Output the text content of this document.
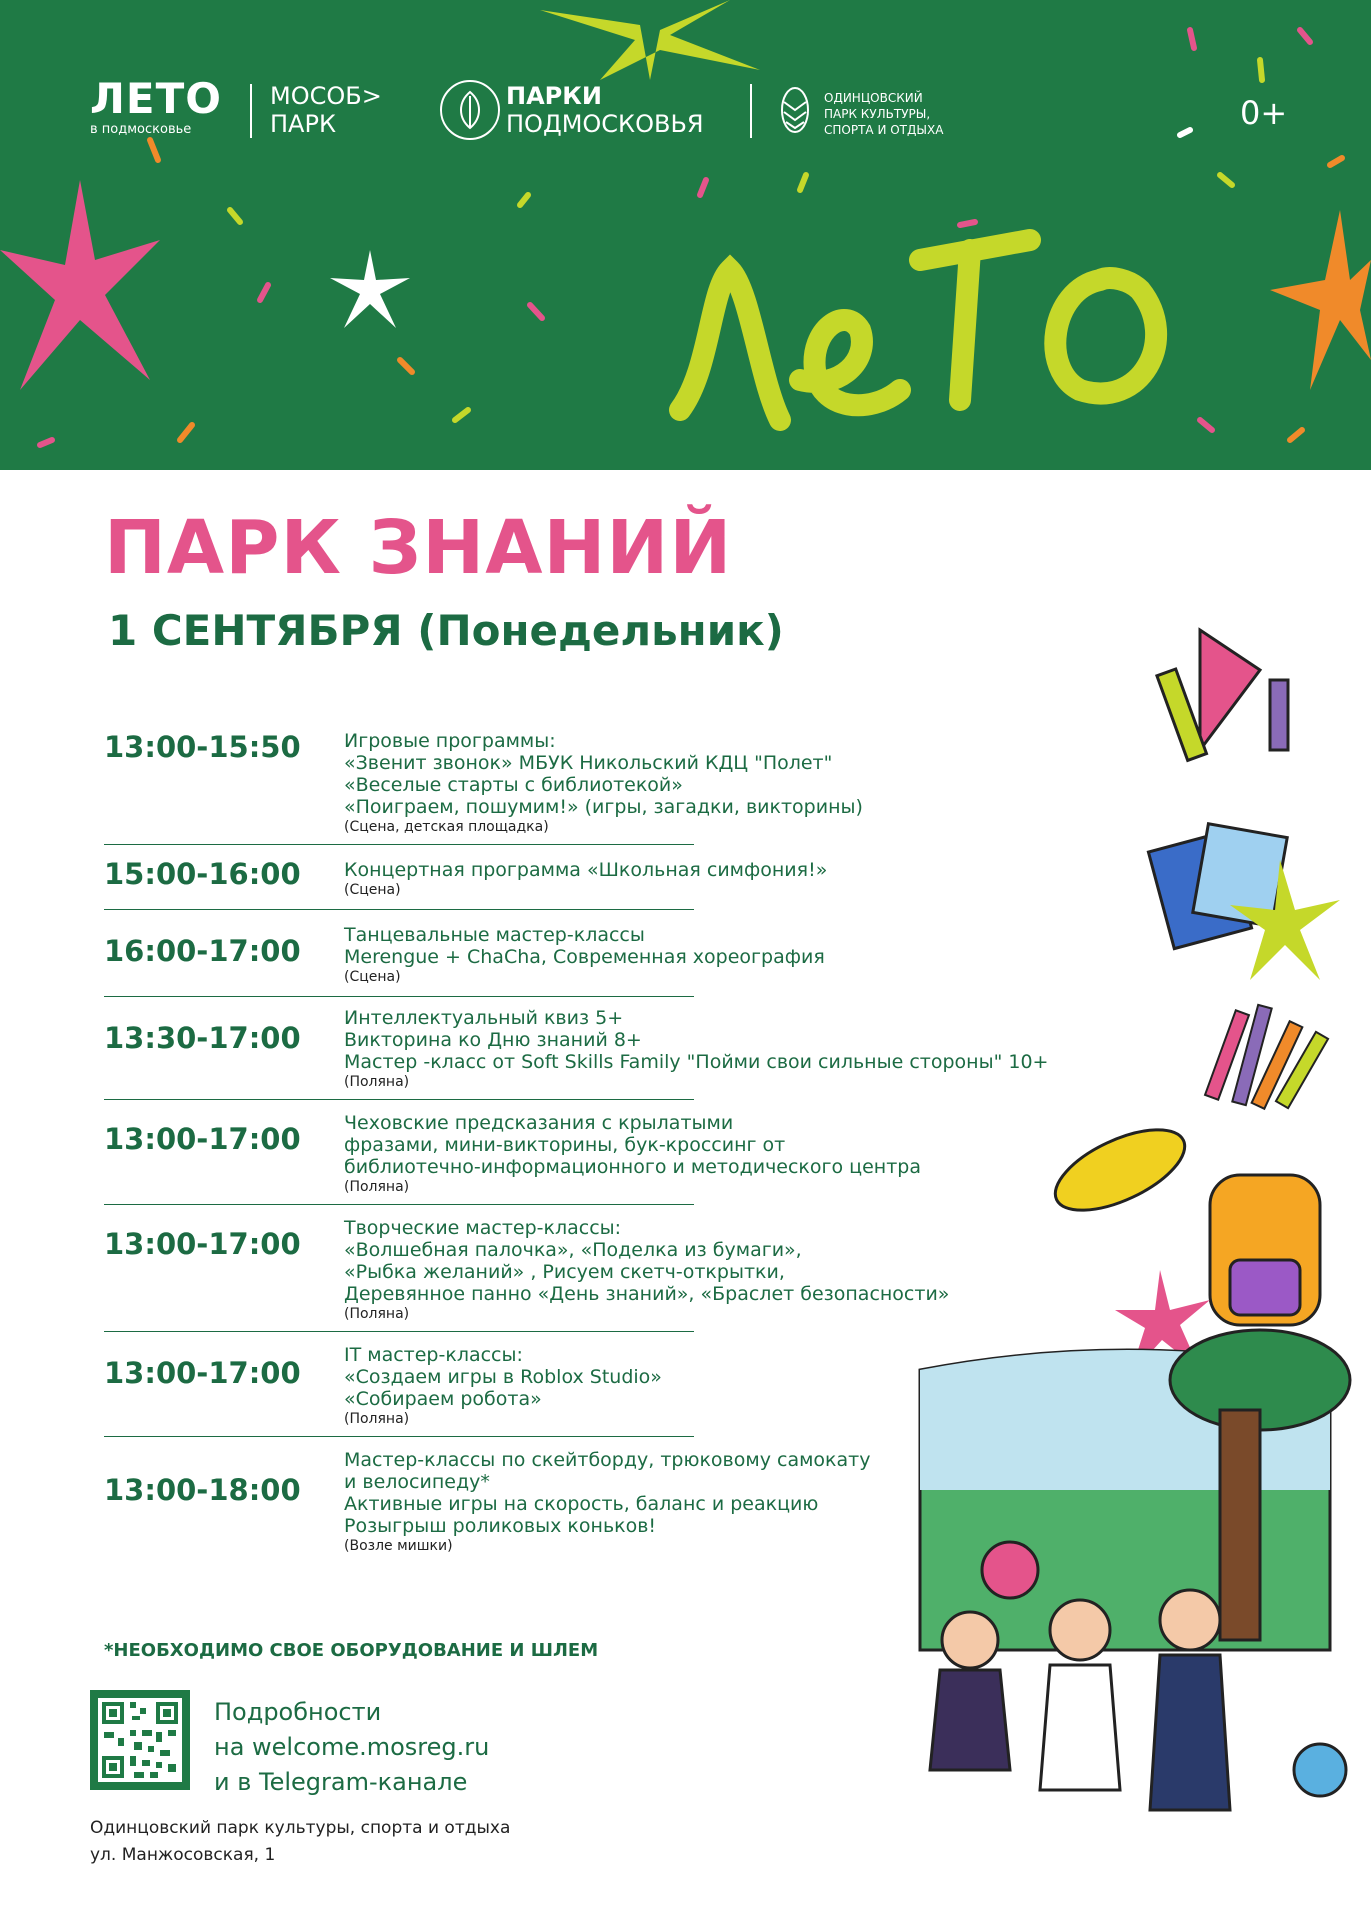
ЛЕТО
в подмосковье
МОСОБ>
ПАРК
ПАРКИ
ПОДМОСКОВЬЯ
ОДИНЦОВСКИЙ
ПАРК КУЛЬТУРЫ,
СПОРТА И ОТДЫХА	0+
ПАРК ЗНАНИЙ
1 СЕНТЯБРЯ (Понедельник)
13:00-15:50 Игровые программы:
«Звенит звонок» МБУК Никольский КДЦ "Полет"
«Веселые старты с библиотекой»
«Поиграем, пошумим!» (игры, загадки, викторины)
(Сцена, детская площадка)
15:00-16:00 Концертная программа «Школьная симфония!»
(Сцена)
16:00-17:00 Танцевальные мастер-классы
Merengue + ChaCha, Современная хореография
(Сцена)
13:30-17:00
Интеллектуальный квиз 5+
Викторина ко Дню знаний 8+
Мастер -класс от Soft Skills Family "Пойми свои сильные стороны" 10+
(Поляна)
13:00-17:00 Чеховские предсказания с крылатыми
фразами, мини-викторины, бук-кроссинг от
библиотечно-информационного и методического центра
(Поляна)
13:00-17:00 Творческие мастер-классы:
«Волшебная палочка», «Поделка из бумаги»,
«Рыбка желаний» , Рисуем скетч-открытки,
Деревянное панно «День знаний», «Браслет безопасности»
(Поляна)
13:00-17:00
IT мастер-классы:
«Создаем игры в Roblox Studio»
«Собираем робота»
(Поляна)
13:00-18:00
Мастер-классы по скейтборду, трюковому самокату
и велосипеду*
Активные игры на скорость, баланс и реакцию
Розыгрыш роликовых коньков!
(Возле мишки)
*НЕОБХОДИМО СВОЕ ОБОРУДОВАНИЕ И ШЛЕМ
Подробности
на welcome.mosreg.ru
и в Telegram-канале
Одинцовский парк культуры, спорта и отдыха
ул. Манжосовская, 1
